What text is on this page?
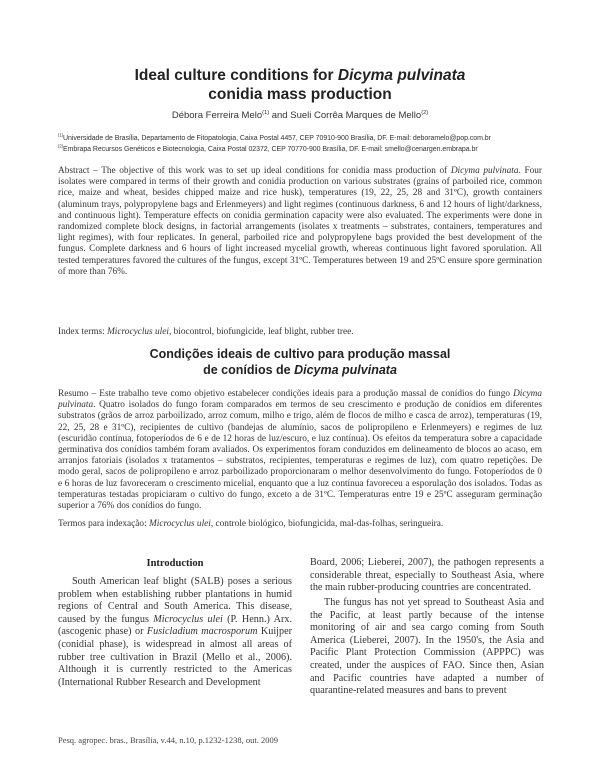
Ideal culture conditions for Dicyma pulvinata
conidia mass production
Débora Ferreira Melo$^{(1)}$ and Sueli Corrêa Marques de Mello$^{(2)}$
$^{(1)}$Universidade de Brasília, Departamento de Fitopatologia, Caixa Postal 4457, CEP 70910-900 Brasília, DF. E-mail: deboramelo@pop.com.br
$^{(2)}$Embrapa Recursos Genéticos e Biotecnologia, Caixa Postal 02372, CEP 70770-900 Brasília, DF. E-mail: smello@cenargen.embrapa.br

Abstract – The objective of this work was to set up ideal conditions for conidia mass production of Dicyma pulvinata. Four isolates were compared in terms of their growth and conidia production on various substrates (grains of parboiled rice, common rice, maize and wheat, besides chipped maize and rice husk), temperatures (19, 22, 25, 28 and 31ºC), growth containers (aluminum trays, polypropylene bags and Erlenmeyers) and light regimes (continuous darkness, 6 and 12 hours of light/darkness, and continuous light). Temperature effects on conidia germination capacity were also evaluated. The experiments were done in randomized complete block designs, in factorial arrangements (isolates x treatments – substrates, containers, temperatures and light regimes), with four replicates. In general, parboiled rice and polypropylene bags provided the best development of the fungus. Complete darkness and 6 hours of light increased mycelial growth, whereas continuous light favored sporulation. All tested temperatures favored the cultures of the fungus, except 31ºC. Temperatures between 19 and 25ºC ensure spore germination of more than 76%.

Index terms: Microcyclus ulei, biocontrol, biofungicide, leaf blight, rubber tree.
Condições ideais de cultivo para produção massal
de conídios de Dicyma pulvinata

Resumo – Este trabalho teve como objetivo estabelecer condições ideais para a produção massal de conídios do fungo Dicyma pulvinata. Quatro isolados do fungo foram comparados em termos de seu crescimento e produção de conídios em diferentes substratos (grãos de arroz parboilizado, arroz comum, milho e trigo, além de flocos de milho e casca de arroz), temperaturas (19, 22, 25, 28 e 31ºC), recipientes de cultivo (bandejas de alumínio, sacos de polipropileno e Erlenmeyers) e regimes de luz (escuridão contínua, fotoperíodos de 6 e de 12 horas de luz/escuro, e luz contínua). Os efeitos da temperatura sobre a capacidade germinativa dos conídios também foram avaliados. Os experimentos foram conduzidos em delineamento de blocos ao acaso, em arranjos fatoriais (isolados x tratamentos – substratos, recipientes, temperaturas e regimes de luz), com quatro repetições. De modo geral, sacos de polipropileno e arroz parboilizado proporcionaram o melhor desenvolvimento do fungo. Fotoperíodos de 0 e 6 horas de luz favoreceram o crescimento micelial, enquanto que a luz contínua favoreceu a esporulação dos isolados. Todas as temperaturas testadas propiciaram o cultivo do fungo, exceto a de 31ºC. Temperaturas entre 19 e 25ºC asseguram germinação superior a 76% dos conídios do fungo.

Termos para indexação: Microcyclus ulei, controle biológico, biofungicida, mal-das-folhas, seringueira.
Introduction

South American leaf blight (SALB) poses a serious problem when establishing rubber plantations in humid regions of Central and South America. This disease, caused by the fungus Microcyclus ulei (P. Henn.) Arx. (ascogenic phase) or Fusicladium macrosporum Kuijper (conidial phase), is widespread in almost all areas of rubber tree cultivation in Brazil (Mello et al., 2006). Although it is currently restricted to the Americas (International Rubber Research and Development

Board, 2006; Lieberei, 2007), the pathogen represents a considerable threat, especially to Southeast Asia, where the main rubber-producing countries are concentrated.

The fungus has not yet spread to Southeast Asia and the Pacific, at least partly because of the intense monitoring of air and sea cargo coming from South America (Lieberei, 2007). In the 1950's, the Asia and Pacific Plant Protection Commission (APPPC) was created, under the auspices of FAO. Since then, Asian and Pacific countries have adapted a number of quarantine-related measures and bans to prevent

Pesq. agropec. bras., Brasília, v.44, n.10, p.1232-1238, out. 2009
